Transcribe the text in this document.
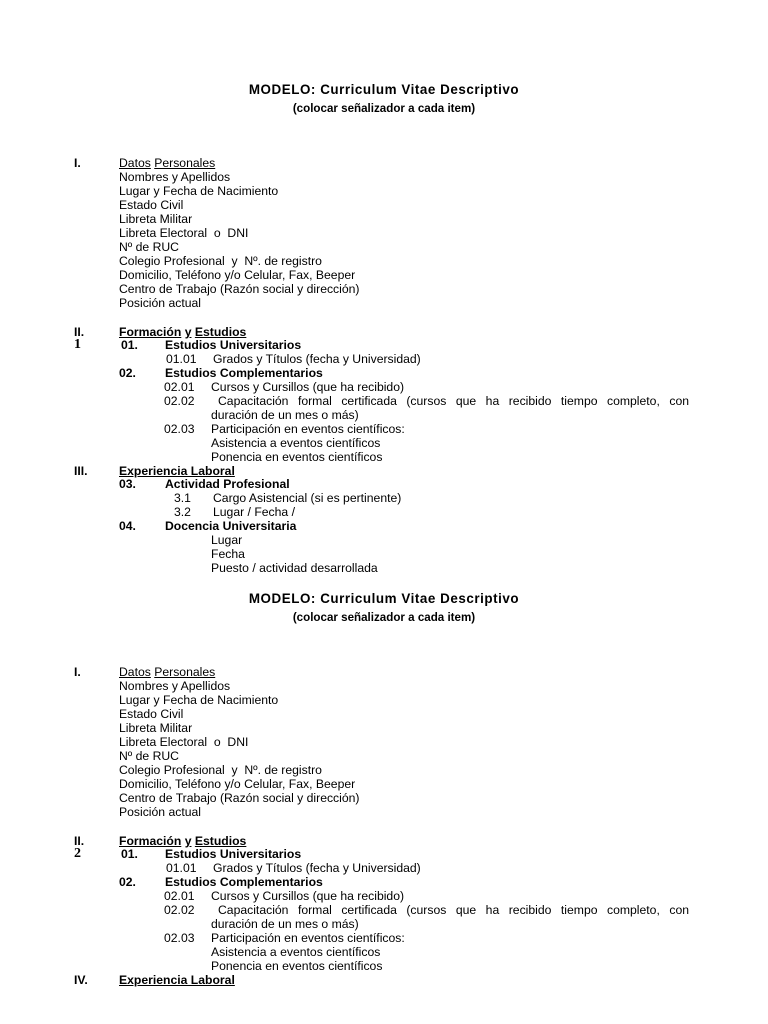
MODELO: Curriculum Vitae Descriptivo
(colocar señalizador a cada item)
I.	Datos Personales
Nombres y Apellidos
Lugar y Fecha de Nacimiento
Estado Civil
Libreta Militar
Libreta Electoral  o  DNI
Nº de RUC
Colegio Profesional  y  Nº. de registro
Domicilio, Teléfono y/o Celular, Fax, Beeper
Centro de Trabajo (Razón social y dirección)
Posición actual
II.	Formación y Estudios
1	01. Estudios Universitarios
01.01 Grados y Títulos (fecha y Universidad)
02. Estudios Complementarios
02.01 Cursos y Cursillos (que ha recibido)
02.02	Capacitación formal certificada (cursos que ha recibido tiempo completo, con
duración de un mes o más)
02.03 Participación en eventos científicos:
Asistencia a eventos científicos
Ponencia en eventos científicos
III.	Experiencia Laboral
03. Actividad Profesional
3.1 Cargo Asistencial (si es pertinente)
3.2 Lugar / Fecha /
04. Docencia Universitaria
Lugar
Fecha
Puesto / actividad desarrollada
MODELO: Curriculum Vitae Descriptivo
(colocar señalizador a cada item)
I.	Datos Personales
Nombres y Apellidos
Lugar y Fecha de Nacimiento
Estado Civil
Libreta Militar
Libreta Electoral  o  DNI
Nº de RUC
Colegio Profesional  y  Nº. de registro
Domicilio, Teléfono y/o Celular, Fax, Beeper
Centro de Trabajo (Razón social y dirección)
Posición actual
II.	Formación y Estudios
2	01. Estudios Universitarios
01.01 Grados y Títulos (fecha y Universidad)
02. Estudios Complementarios
02.01 Cursos y Cursillos (que ha recibido)
02.02	Capacitación formal certificada (cursos que ha recibido tiempo completo, con
duración de un mes o más)
02.03 Participación en eventos científicos:
Asistencia a eventos científicos
Ponencia en eventos científicos
IV.	Experiencia Laboral
